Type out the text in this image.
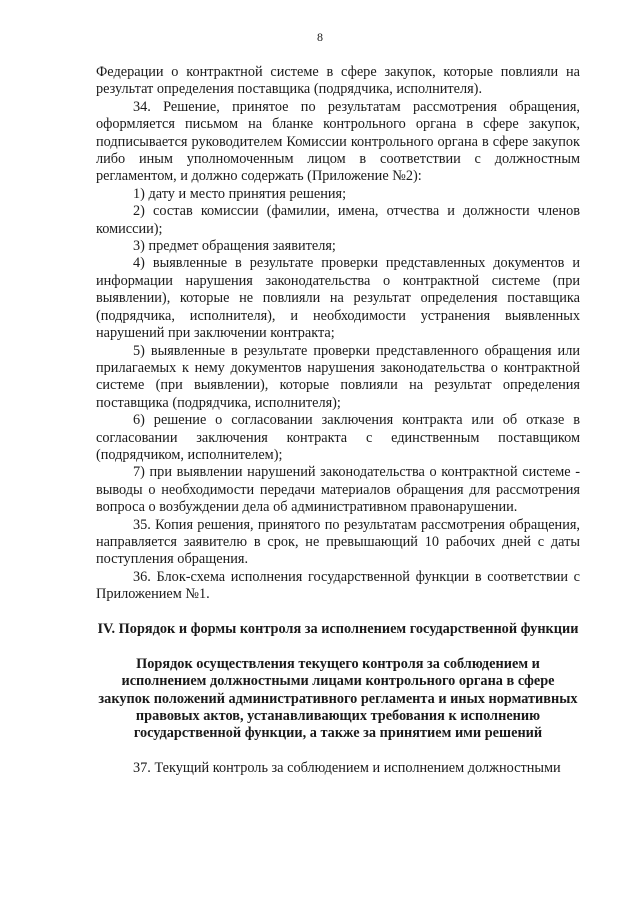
8

Федерации о контрактной системе в сфере закупок, которые повлияли на результат определения поставщика (подрядчика, исполнителя).

34. Решение, принятое по результатам рассмотрения обращения, оформляется письмом на бланке контрольного органа в сфере закупок, подписывается руководителем Комиссии контрольного органа в сфере закупок либо иным уполномоченным лицом в соответствии с должностным регламентом, и должно содержать (Приложение №2):

1) дату и место принятия решения;

2) состав комиссии (фамилии, имена, отчества и должности членов комиссии);

3) предмет обращения заявителя;

4) выявленные в результате проверки представленных документов и информации нарушения законодательства о контрактной системе (при выявлении), которые не повлияли на результат определения поставщика (подрядчика, исполнителя), и необходимости устранения выявленных нарушений при заключении контракта;

5) выявленные в результате проверки представленного обращения или прилагаемых к нему документов нарушения законодательства о контрактной системе (при выявлении), которые повлияли на результат определения поставщика (подрядчика, исполнителя);

6) решение о согласовании заключения контракта или об отказе в согласовании заключения контракта с единственным поставщиком (подрядчиком, исполнителем);

7) при выявлении нарушений законодательства о контрактной системе - выводы о необходимости передачи материалов обращения для рассмотрения вопроса о возбуждении дела об административном правонарушении.

35. Копия решения, принятого по результатам рассмотрения обращения, направляется заявителю в срок, не превышающий 10 рабочих дней с даты поступления обращения.

36. Блок-схема исполнения государственной функции в соответствии с Приложением №1.

IV. Порядок и формы контроля за исполнением государственной функции

Порядок осуществления текущего контроля за соблюдением и исполнением должностными лицами контрольного органа в сфере закупок положений административного регламента и иных нормативных правовых актов, устанавливающих требования к исполнению государственной функции, а также за принятием ими решений

37. Текущий контроль за соблюдением и исполнением должностными
